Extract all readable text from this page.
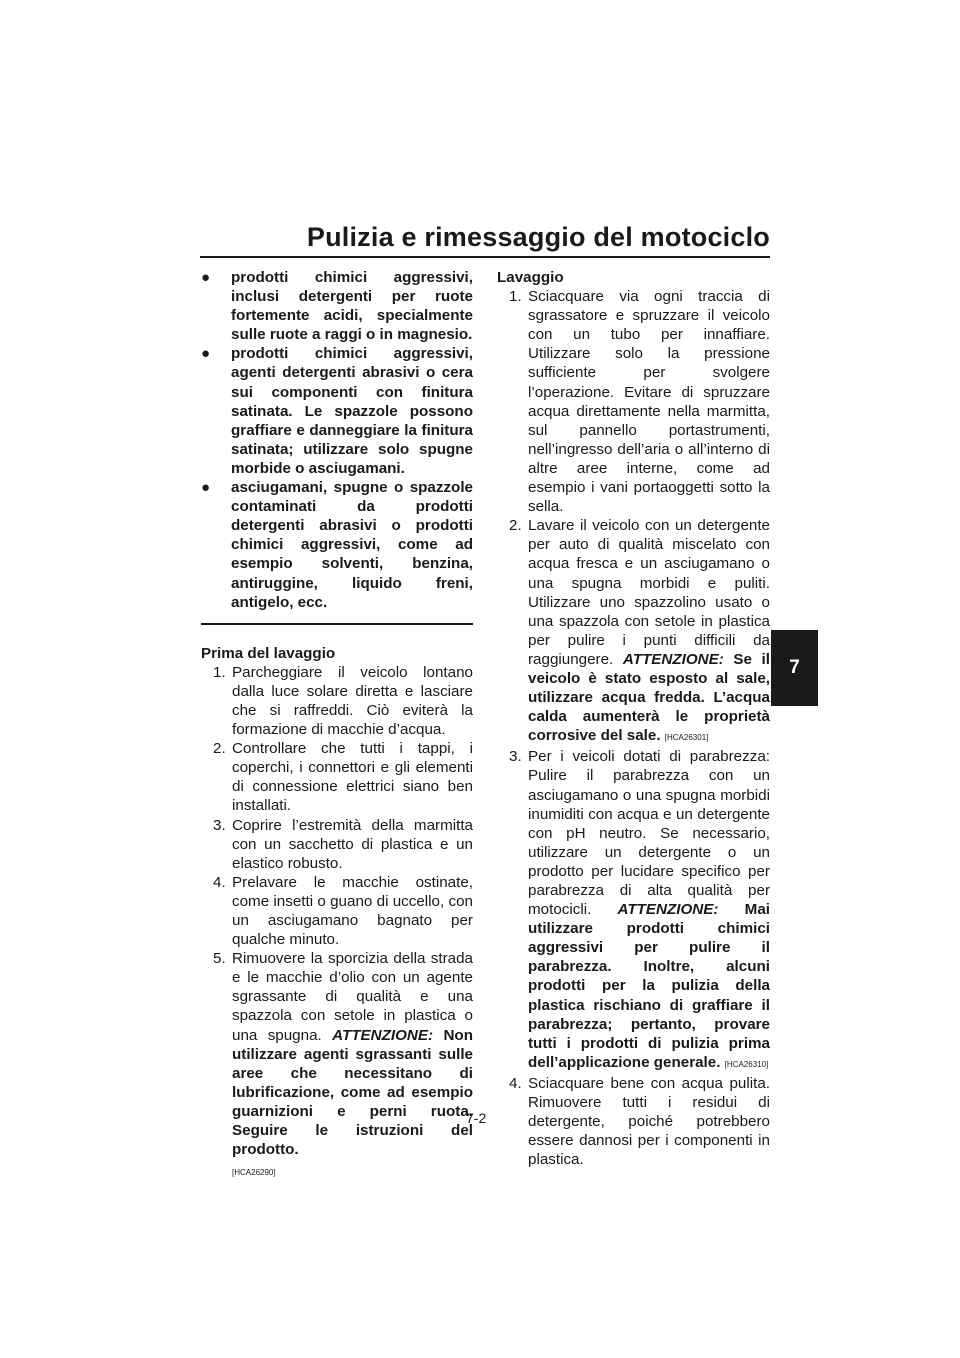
Pulizia e rimessaggio del motociclo
7
● prodotti chimici aggressivi, inclusi detergenti per ruote fortemente acidi, specialmente sulle ruote a raggi o in magnesio.
● prodotti chimici aggressivi, agenti detergenti abrasivi o cera sui componenti con finitura satinata. Le spazzole possono graffiare e danneggiare la finitura satinata; utilizzare solo spugne morbide o asciugamani.
● asciugamani, spugne o spazzole contaminati da prodotti detergenti abrasivi o prodotti chimici aggressivi, come ad esempio solventi, benzina, antiruggine, liquido freni, antigelo, ecc.
Prima del lavaggio
1. Parcheggiare il veicolo lontano dalla luce solare diretta e lasciare che si raffreddi. Ciò eviterà la formazione di macchie d’acqua.
2. Controllare che tutti i tappi, i coperchi, i connettori e gli elementi di connessione elettrici siano ben installati.
3. Coprire l’estremità della marmitta con un sacchetto di plastica e un elastico robusto.
4. Prelavare le macchie ostinate, come insetti o guano di uccello, con un asciugamano bagnato per qualche minuto.
5. Rimuovere la sporcizia della strada e le macchie d’olio con un agente sgrassante di qualità e una spazzola con setole in plastica o una spugna. ATTENZIONE: Non utilizzare agenti sgrassanti sulle aree che necessitano di lubrificazione, come ad esempio guarnizioni e perni ruota. Seguire le istruzioni del prodotto.
[HCA26290]
Lavaggio
1. Sciacquare via ogni traccia di sgrassatore e spruzzare il veicolo con un tubo per innaffiare. Utilizzare solo la pressione sufficiente per svolgere l’operazione. Evitare di spruzzare acqua direttamente nella marmitta, sul pannello portastrumenti, nell’ingresso dell’aria o all’interno di altre aree interne, come ad esempio i vani portaoggetti sotto la sella.
2. Lavare il veicolo con un detergente per auto di qualità miscelato con acqua fresca e un asciugamano o una spugna morbidi e puliti. Utilizzare uno spazzolino usato o una spazzola con setole in plastica per pulire i punti difficili da raggiungere. ATTENZIONE: Se il veicolo è stato esposto al sale, utilizzare acqua fredda. L’acqua calda aumenterà le proprietà corrosive del sale. [HCA26301]
3. Per i veicoli dotati di parabrezza: Pulire il parabrezza con un asciugamano o una spugna morbidi inumiditi con acqua e un detergente con pH neutro. Se necessario, utilizzare un detergente o un prodotto per lucidare specifico per parabrezza di alta qualità per motocicli. ATTENZIONE: Mai utilizzare prodotti chimici aggressivi per pulire il parabrezza. Inoltre, alcuni prodotti per la pulizia della plastica rischiano di graffiare il parabrezza; pertanto, provare tutti i prodotti di pulizia prima dell’applicazione generale. [HCA26310]
4. Sciacquare bene con acqua pulita. Rimuovere tutti i residui di detergente, poiché potrebbero essere dannosi per i componenti in plastica.
7-2
